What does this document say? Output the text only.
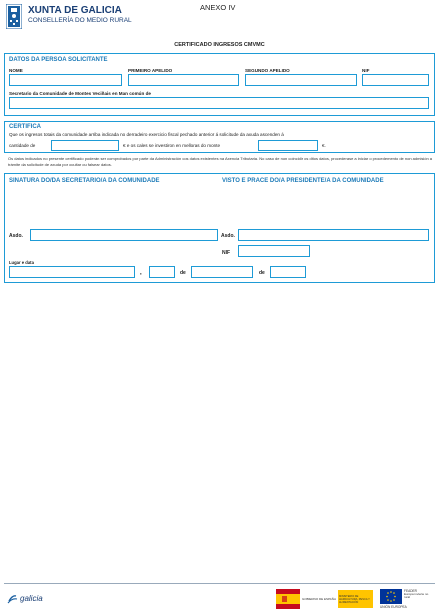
XUNTA DE GALICIA
CONSELLERÍA DO MEDIO RURAL
ANEXO IV
CERTIFICADO INGRESOS CMVMC
DATOS DA PERSOA SOLICITANTE
NOME	PRIMEIRO APELIDO	SEGUNDO APELIDO	NIF
Secretario da Comunidade de Montes Veciñais en Man común de
CERTIFICA
Que os ingresos totais da comunidade arriba indicada no derradeiro exercicio fiscal pechado anterior á solicitude da axuda ascenden á
cantidade de	€ e os cales se investiron en melloras do monte	€.
Os datos indicados no presente certificado poderán ser comprobados por parte da Administración cos datos existentes na Axencia Tributaria. No caso de non coincidir os ditos datos, procederase a iniciar o procedemento de non admisión a trámite da solicitude de axuda por ocultar ou falsear datos.
SINATURA DO/DA SECRETARIO/A DA COMUNIDADE	VISTO E PRACE DO/A PRESIDENTE/A DA COMUNIDADE
Asdo.	Asdo.
NIF
Lugar e data
,	de	de
galicia	GOBIERNO DE ESPAÑA
MINISTERIO DE AGRICULTURA, PESCA Y ALIMENTACIÓN
FEADER
Europa invierte no rural
UNIÓN EUROPEA
